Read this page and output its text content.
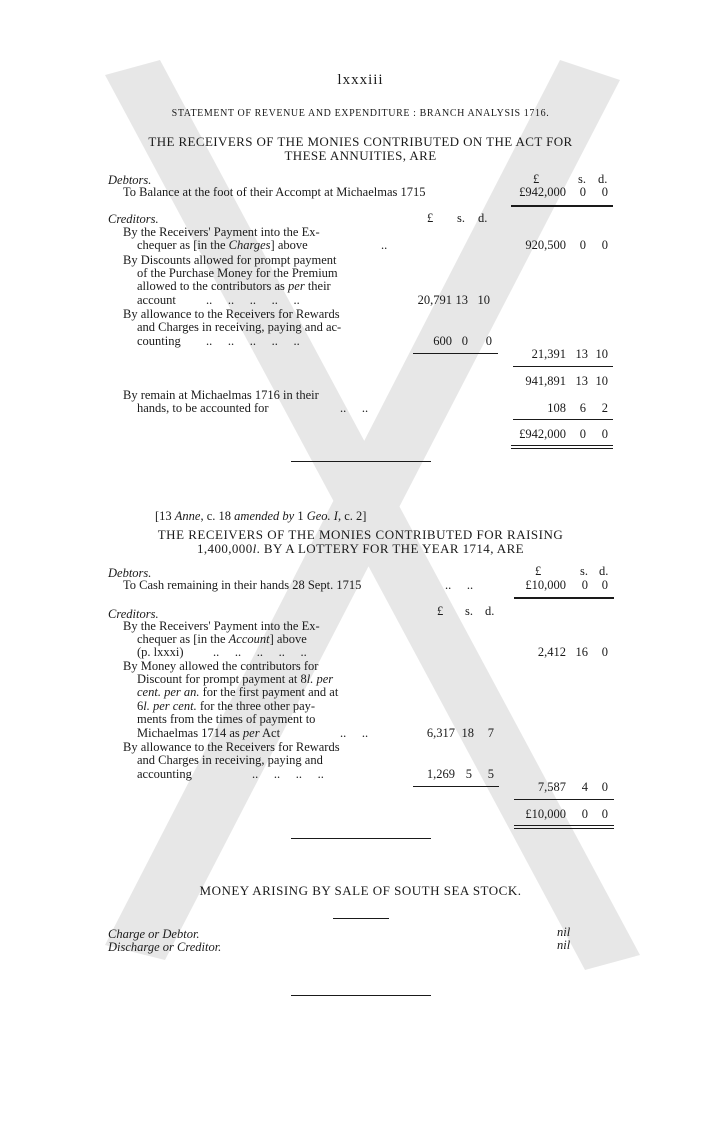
lxxxiii
STATEMENT OF REVENUE AND EXPENDITURE : BRANCH ANALYSIS 1716.
THE RECEIVERS OF THE MONIES CONTRIBUTED ON THE ACT FOR
THESE ANNUITIES, ARE
Debtors.	£	s. d.
To Balance at the foot of their Accompt at Michaelmas 1715	£942,000	0	0
Creditors.	£ s. d.
By the Receivers' Payment into the Ex-
chequer as [in the Charges] above	..	920,500	0	0
By Discounts allowed for prompt payment
of the Purchase Money for the Premium
allowed to the contributors as per their
account ..     ..     ..     ..     ..	20,791 13 10
By allowance to the Receivers for Rewards
and Charges in receiving, paying and ac-
counting ..     ..     ..     ..     ..	600 0	0
21,391 13 10
941,891 13 10
By remain at Michaelmas 1716 in their
hands, to be accounted for	..     ..	108	6	2
£942,000	0	0
[13 Anne, c. 18 amended by 1 Geo. I, c. 2]
THE RECEIVERS OF THE MONIES CONTRIBUTED FOR RAISING
1,400,000l. BY A LOTTERY FOR THE YEAR 1714, ARE
Debtors.	£	s. d.
To Cash remaining in their hands 28 Sept. 1715	..     ..	£10,000	0	0
Creditors.	£ s. d.
By the Receivers' Payment into the Ex-
chequer as [in the Account] above
(p. lxxxi) ..     ..     ..     ..     ..	2,412 16	0
By Money allowed the contributors for
Discount for prompt payment at 8l. per
cent. per an. for the first payment and at
6l. per cent. for the three other pay-
ments from the times of payment to
Michaelmas 1714 as per Act	..     ..	6,317 18	7
By allowance to the Receivers for Rewards
and Charges in receiving, paying and
accounting	..     ..     ..     ..	1,269 5	5
7,587	4	0
£10,000	0	0
MONEY ARISING BY SALE OF SOUTH SEA STOCK.
Charge or Debtor.	nil
Discharge or Creditor.	nil
